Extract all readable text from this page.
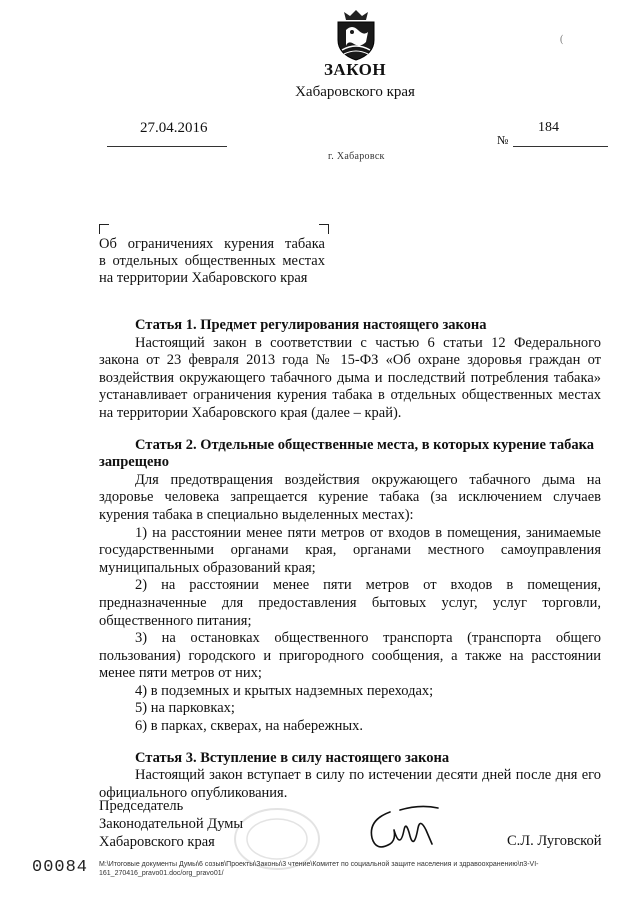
(
ЗАКОН
Хабаровского края
27.04.2016	184
№
г. Хабаровск
Об ограничениях курения табака
в отдельных общественных местах
на территории Хабаровского края

Статья 1. Предмет регулирования настоящего закона

Настоящий закон в соответствии с частью 6 статьи 12 Федерального закона от 23 февраля 2013 года № 15-ФЗ «Об охране здоровья граждан от воздействия окружающего табачного дыма и последствий потребления табака» устанавливает ограничения курения табака в отдельных общественных местах на территории Хабаровского края (далее – край).

Статья 2. Отдельные общественные места, в которых курение табака

запрещено

Для предотвращения воздействия окружающего табачного дыма на здоровье человека запрещается курение табака (за исключением случаев курения табака в специально выделенных местах):

1) на расстоянии менее пяти метров от входов в помещения, занимаемые государственными органами края, органами местного самоуправления муниципальных образований края;

2) на расстоянии менее пяти метров от входов в помещения, предназначенные для предоставления бытовых услуг, услуг торговли, общественного питания;

3) на остановках общественного транспорта (транспорта общего пользования) городского и пригородного сообщения, а также на расстоянии менее пяти метров от них;

4) в подземных и крытых надземных переходах;

5) на парковках;

6) в парках, скверах, на набережных.

Статья 3. Вступление в силу настоящего закона

Настоящий закон вступает в силу по истечении десяти дней после дня его официального опубликования.

Председатель
Законодательной Думы
Хабаровского края	С.Л. Луговской
00084 М:\Итоговые документы Думы\6 созыв\Проекты\Законы\3 чтение\Комитет по социальной защите населения и здравоохранению\п3-VI-
161_270416_pravo01.doc/org_pravo01/
